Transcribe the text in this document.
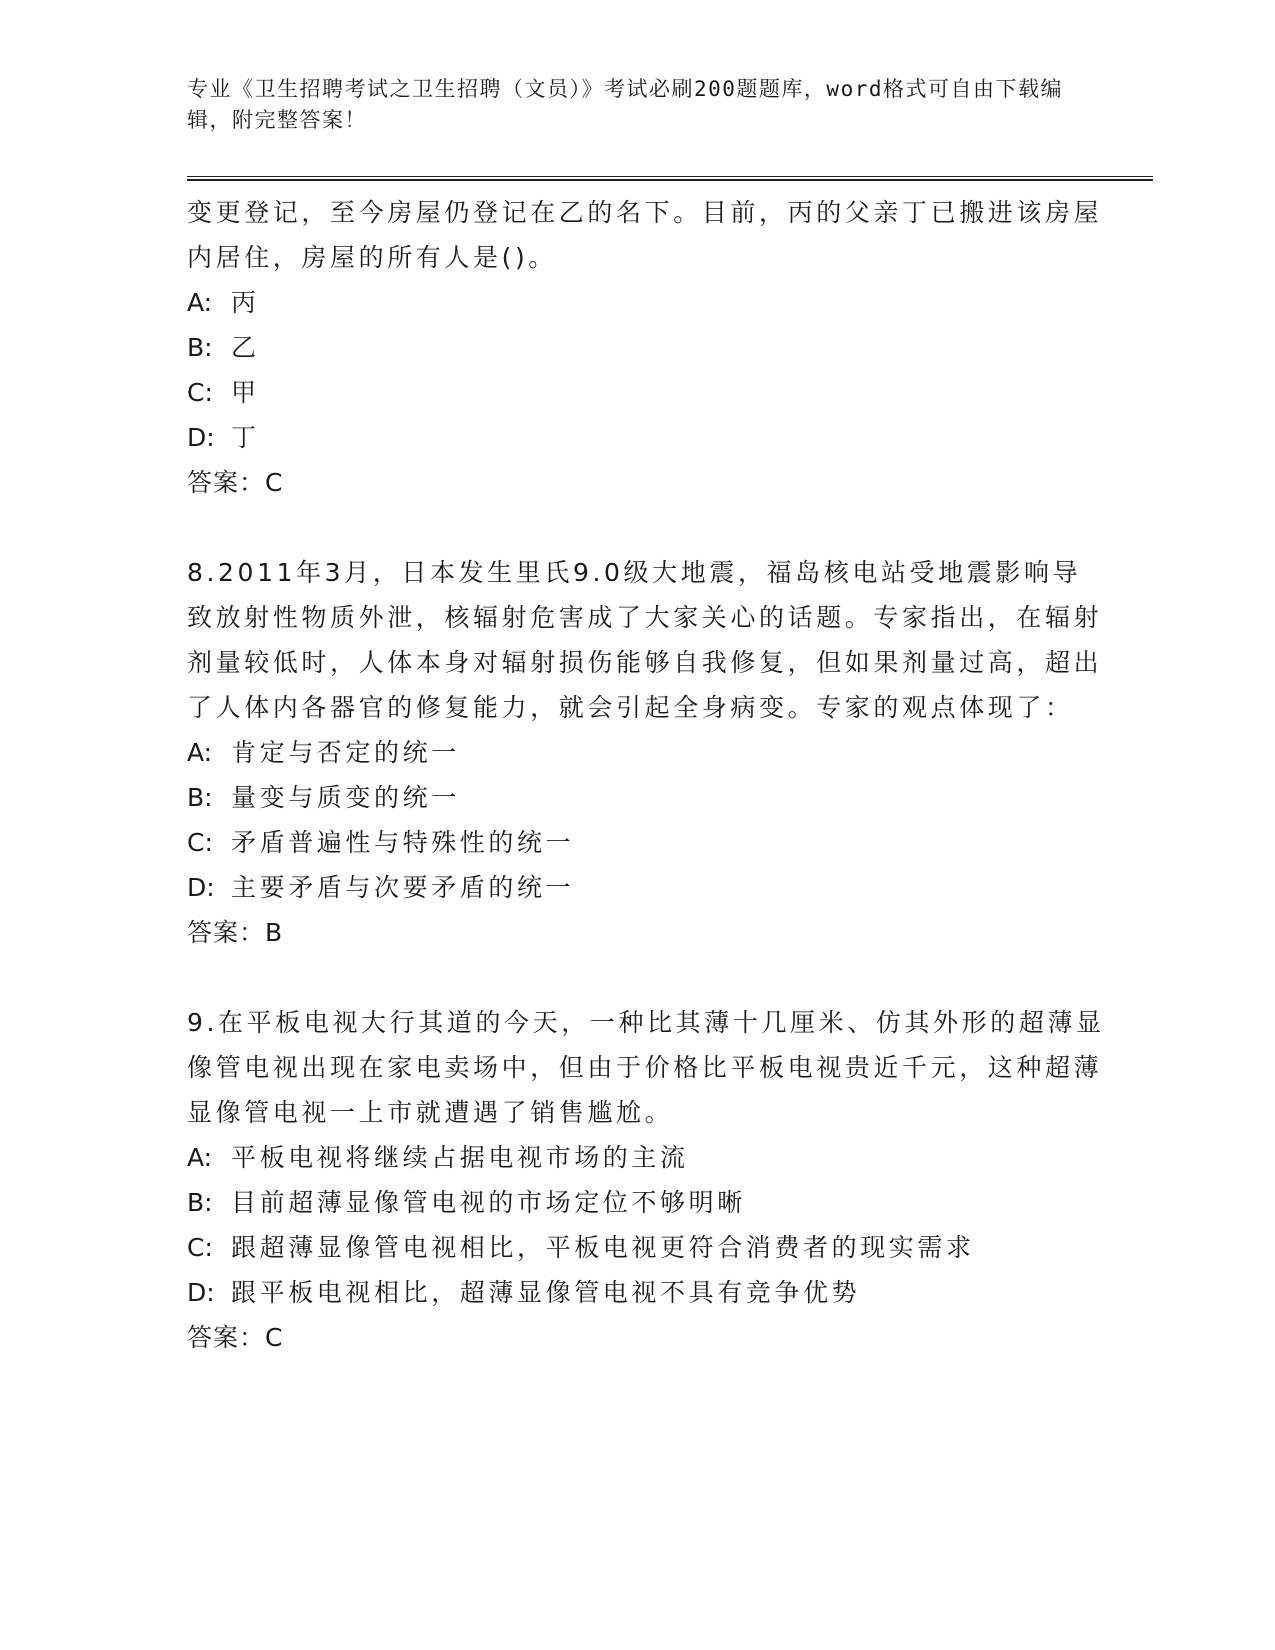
专业《卫生招聘考试之卫生招聘（文员）》考试必刷200题题库，word格式可自由下载编辑，附完整答案！

变更登记，至今房屋仍登记在乙的名下。目前，丙的父亲丁已搬进该房屋内居住，房屋的所有人是()。

A: 丙

B: 乙

C: 甲

D: 丁

答案：C

8.2011年3月，日本发生里氏9.0级大地震，福岛核电站受地震影响导致放射性物质外泄，核辐射危害成了大家关心的话题。专家指出，在辐射剂量较低时，人体本身对辐射损伤能够自我修复，但如果剂量过高，超出了人体内各器官的修复能力，就会引起全身病变。专家的观点体现了：

A: 肯定与否定的统一

B: 量变与质变的统一

C: 矛盾普遍性与特殊性的统一

D: 主要矛盾与次要矛盾的统一

答案：B

9.在平板电视大行其道的今天，一种比其薄十几厘米、仿其外形的超薄显像管电视出现在家电卖场中，但由于价格比平板电视贵近千元，这种超薄显像管电视一上市就遭遇了销售尴尬。

A: 平板电视将继续占据电视市场的主流

B: 目前超薄显像管电视的市场定位不够明晰

C: 跟超薄显像管电视相比，平板电视更符合消费者的现实需求

D: 跟平板电视相比，超薄显像管电视不具有竞争优势

答案：C
